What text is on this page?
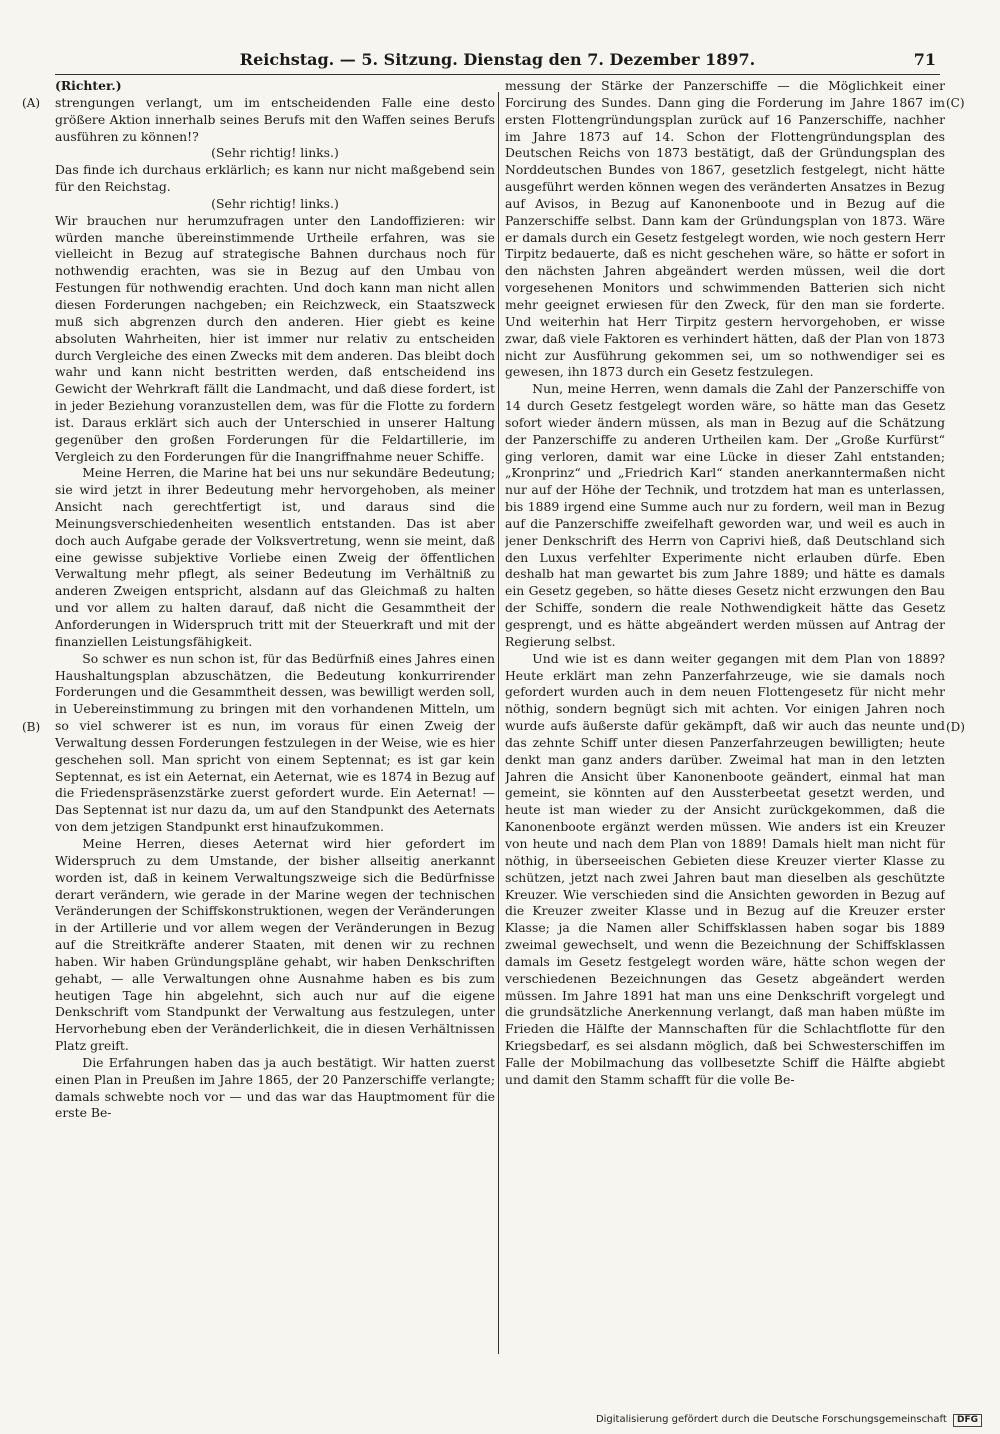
Reichstag. — 5. Sitzung. Dienstag den 7. Dezember 1897.	71
(A)
(B)
(C)
(D)

(Richter.)

strengungen verlangt, um im entscheidenden Falle eine desto größere Aktion innerhalb seines Berufs mit den Waffen seines Berufs ausführen zu können!?

(Sehr richtig! links.)

Das finde ich durchaus erklärlich; es kann nur nicht maßgebend sein für den Reichstag.

(Sehr richtig! links.)

Wir brauchen nur herumzufragen unter den Landoffizieren: wir würden manche übereinstimmende Urtheile erfahren, was sie vielleicht in Bezug auf strategische Bahnen durchaus noch für nothwendig erachten, was sie in Bezug auf den Umbau von Festungen für nothwendig erachten. Und doch kann man nicht allen diesen Forderungen nachgeben; ein Reichzweck, ein Staatszweck muß sich abgrenzen durch den anderen. Hier giebt es keine absoluten Wahrheiten, hier ist immer nur relativ zu entscheiden durch Vergleiche des einen Zwecks mit dem anderen. Das bleibt doch wahr und kann nicht bestritten werden, daß entscheidend ins Gewicht der Wehrkraft fällt die Landmacht, und daß diese fordert, ist in jeder Beziehung voranzustellen dem, was für die Flotte zu fordern ist. Daraus erklärt sich auch der Unterschied in unserer Haltung gegenüber den großen Forderungen für die Feldartillerie, im Vergleich zu den Forderungen für die Inangriffnahme neuer Schiffe.

Meine Herren, die Marine hat bei uns nur sekundäre Bedeutung; sie wird jetzt in ihrer Bedeutung mehr hervorgehoben, als meiner Ansicht nach gerechtfertigt ist, und daraus sind die Meinungsverschiedenheiten wesentlich entstanden. Das ist aber doch auch Aufgabe gerade der Volksvertretung, wenn sie meint, daß eine gewisse subjektive Vorliebe einen Zweig der öffentlichen Verwaltung mehr pflegt, als seiner Bedeutung im Verhältniß zu anderen Zweigen entspricht, alsdann auf das Gleichmaß zu halten und vor allem zu halten darauf, daß nicht die Gesammtheit der Anforderungen in Widerspruch tritt mit der Steuerkraft und mit der finanziellen Leistungsfähigkeit.

So schwer es nun schon ist, für das Bedürfniß eines Jahres einen Haushaltungsplan abzuschätzen, die Bedeutung konkurrirender Forderungen und die Gesammtheit dessen, was bewilligt werden soll, in Uebereinstimmung zu bringen mit den vorhandenen Mitteln, um so viel schwerer ist es nun, im voraus für einen Zweig der Verwaltung dessen Forderungen festzulegen in der Weise, wie es hier geschehen soll. Man spricht von einem Septennat; es ist gar kein Septennat, es ist ein Aeternat, ein Aeternat, wie es 1874 in Bezug auf die Friedenspräsenzstärke zuerst gefordert wurde. Ein Aeternat! — Das Septennat ist nur dazu da, um auf den Standpunkt des Aeternats von dem jetzigen Standpunkt erst hinaufzukommen.

Meine Herren, dieses Aeternat wird hier gefordert im Widerspruch zu dem Umstande, der bisher allseitig anerkannt worden ist, daß in keinem Verwaltungszweige sich die Bedürfnisse derart verändern, wie gerade in der Marine wegen der technischen Veränderungen der Schiffskonstruktionen, wegen der Veränderungen in der Artillerie und vor allem wegen der Veränderungen in Bezug auf die Streitkräfte anderer Staaten, mit denen wir zu rechnen haben. Wir haben Gründungspläne gehabt, wir haben Denkschriften gehabt, — alle Verwaltungen ohne Ausnahme haben es bis zum heutigen Tage hin abgelehnt, sich auch nur auf die eigene Denkschrift vom Standpunkt der Verwaltung aus festzulegen, unter Hervorhebung eben der Veränderlichkeit, die in diesen Verhältnissen Platz greift.

Die Erfahrungen haben das ja auch bestätigt. Wir hatten zuerst einen Plan in Preußen im Jahre 1865, der 20 Panzerschiffe verlangte; damals schwebte noch vor — und das war das Hauptmoment für die erste Be-

messung der Stärke der Panzerschiffe — die Möglichkeit einer Forcirung des Sundes. Dann ging die Forderung im Jahre 1867 im ersten Flottengründungsplan zurück auf 16 Panzerschiffe, nachher im Jahre 1873 auf 14. Schon der Flottengründungsplan des Deutschen Reichs von 1873 bestätigt, daß der Gründungsplan des Norddeutschen Bundes von 1867, gesetzlich festgelegt, nicht hätte ausgeführt werden können wegen des veränderten Ansatzes in Bezug auf Avisos, in Bezug auf Kanonenboote und in Bezug auf die Panzerschiffe selbst. Dann kam der Gründungsplan von 1873. Wäre er damals durch ein Gesetz festgelegt worden, wie noch gestern Herr Tirpitz bedauerte, daß es nicht geschehen wäre, so hätte er sofort in den nächsten Jahren abgeändert werden müssen, weil die dort vorgesehenen Monitors und schwimmenden Batterien sich nicht mehr geeignet erwiesen für den Zweck, für den man sie forderte. Und weiterhin hat Herr Tirpitz gestern hervorgehoben, er wisse zwar, daß viele Faktoren es verhindert hätten, daß der Plan von 1873 nicht zur Ausführung gekommen sei, um so nothwendiger sei es gewesen, ihn 1873 durch ein Gesetz festzulegen.

Nun, meine Herren, wenn damals die Zahl der Panzerschiffe von 14 durch Gesetz festgelegt worden wäre, so hätte man das Gesetz sofort wieder ändern müssen, als man in Bezug auf die Schätzung der Panzerschiffe zu anderen Urtheilen kam. Der „Große Kurfürst“ ging verloren, damit war eine Lücke in dieser Zahl entstanden; „Kronprinz“ und „Friedrich Karl“ standen anerkanntermaßen nicht nur auf der Höhe der Technik, und trotzdem hat man es unterlassen, bis 1889 irgend eine Summe auch nur zu fordern, weil man in Bezug auf die Panzerschiffe zweifelhaft geworden war, und weil es auch in jener Denkschrift des Herrn von Caprivi hieß, daß Deutschland sich den Luxus verfehlter Experimente nicht erlauben dürfe. Eben deshalb hat man gewartet bis zum Jahre 1889; und hätte es damals ein Gesetz gegeben, so hätte dieses Gesetz nicht erzwungen den Bau der Schiffe, sondern die reale Nothwendigkeit hätte das Gesetz gesprengt, und es hätte abgeändert werden müssen auf Antrag der Regierung selbst.

Und wie ist es dann weiter gegangen mit dem Plan von 1889? Heute erklärt man zehn Panzerfahrzeuge, wie sie damals noch gefordert wurden auch in dem neuen Flottengesetz für nicht mehr nöthig, sondern begnügt sich mit achten. Vor einigen Jahren noch wurde aufs äußerste dafür gekämpft, daß wir auch das neunte und das zehnte Schiff unter diesen Panzerfahrzeugen bewilligten; heute denkt man ganz anders darüber. Zweimal hat man in den letzten Jahren die Ansicht über Kanonenboote geändert, einmal hat man gemeint, sie könnten auf den Aussterbeetat gesetzt werden, und heute ist man wieder zu der Ansicht zurückgekommen, daß die Kanonenboote ergänzt werden müssen. Wie anders ist ein Kreuzer von heute und nach dem Plan von 1889! Damals hielt man nicht für nöthig, in überseeischen Gebieten diese Kreuzer vierter Klasse zu schützen, jetzt nach zwei Jahren baut man dieselben als geschützte Kreuzer. Wie verschieden sind die Ansichten geworden in Bezug auf die Kreuzer zweiter Klasse und in Bezug auf die Kreuzer erster Klasse; ja die Namen aller Schiffsklassen haben sogar bis 1889 zweimal gewechselt, und wenn die Bezeichnung der Schiffsklassen damals im Gesetz festgelegt worden wäre, hätte schon wegen der verschiedenen Bezeichnungen das Gesetz abgeändert werden müssen. Im Jahre 1891 hat man uns eine Denkschrift vorgelegt und die grundsätzliche Anerkennung verlangt, daß man haben müßte im Frieden die Hälfte der Mannschaften für die Schlachtflotte für den Kriegsbedarf, es sei alsdann möglich, daß bei Schwesterschiffen im Falle der Mobilmachung das vollbesetzte Schiff die Hälfte abgiebt und damit den Stamm schafft für die volle Be-

Digitalisierung gefördert durch die Deutsche Forschungsgemeinschaft DFG
